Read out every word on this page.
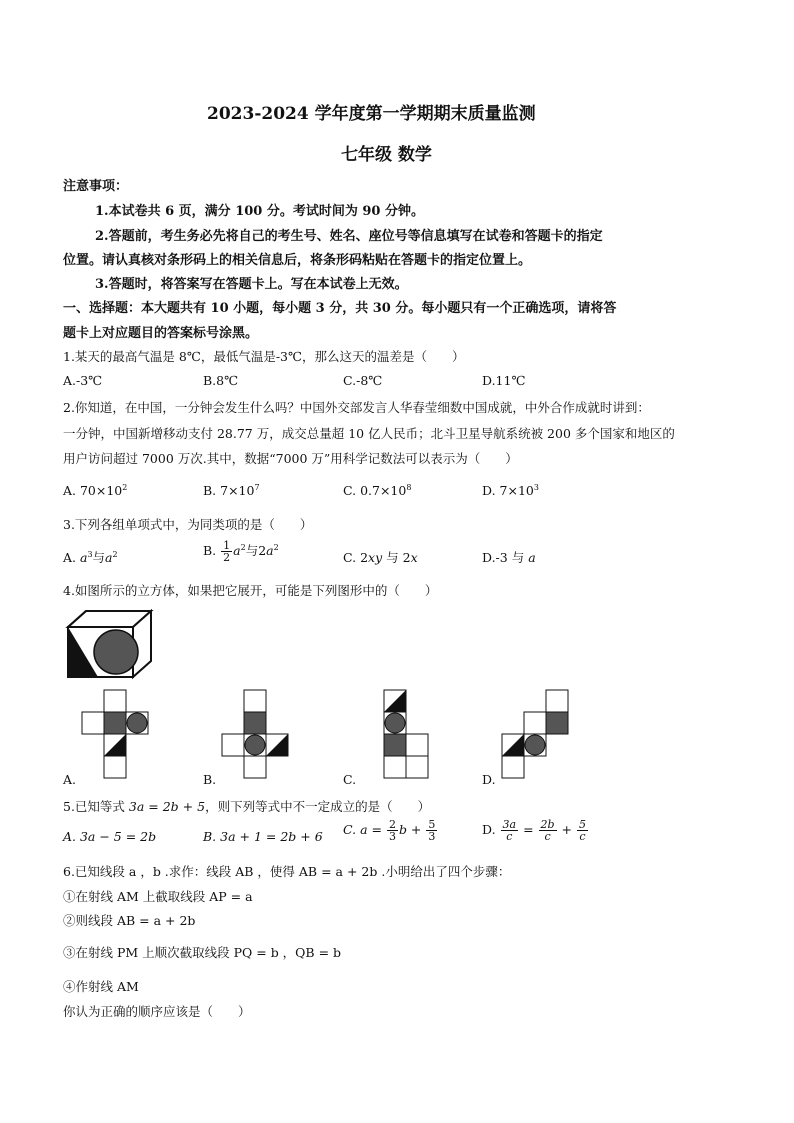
2023-2024 学年度第一学期期末质量监测
七年级 数学
注意事项：
1.本试卷共 6 页，满分 100 分。考试时间为 90 分钟。
2.答题前，考生务必先将自己的考生号、姓名、座位号等信息填写在试卷和答题卡的指定
位置。请认真核对条形码上的相关信息后，将条形码粘贴在答题卡的指定位置上。
3.答题时，将答案写在答题卡上。写在本试卷上无效。
一、选择题：本大题共有 10 小题，每小题 3 分，共 30 分。每小题只有一个正确选项，请将答
题卡上对应题目的答案标号涂黑。
1.某天的最高气温是 8℃，最低气温是-3℃，那么这天的温差是（　　）
A.-3℃	B.8℃	C.-8℃	D.11℃
2.你知道，在中国，一分钟会发生什么吗？中国外交部发言人华春莹细数中国成就，中外合作成就时讲到：
一分钟，中国新增移动支付 28.77 万，成交总量超 10 亿人民币；北斗卫星导航系统被 200 多个国家和地区的
用户访问超过 7000 万次.其中，数据“7000 万”用科学记数法可以表示为（　　）
A. $70\times 10^2$	B. $7\times 10^7$	C. $0.7\times 10^8$	D. $7\times 10^3$
3.下列各组单项式中，为同类项的是（　　）
A. $a^3$与$a^2$	B. $\frac{1}{2} a^2$与$2a^2$
C. 2xy 与 2x	D.-3 与 a
4.如图所示的立方体，如果把它展开，可能是下列图形中的（　　）
A.	B.	C.	D.
5.已知等式 3a = 2b + 5，则下列等式中不一定成立的是（　　）
A. 3a − 5 = 2b	B. 3a + 1 = 2b + 6 C. $a = \frac{2}{3}$ $b + \frac{5}{3}$	D. $\frac{3a}{c} = \frac{2b}{c} + \frac{5}{c}$
6.已知线段 a ，b .求作：线段 AB ，使得 AB = a + 2b .小明给出了四个步骤：
①在射线 AM 上截取线段 AP = a
②则线段 AB = a + 2b
③在射线 PM 上顺次截取线段 PQ = b ，QB = b
④作射线 AM
你认为正确的顺序应该是（　　）
